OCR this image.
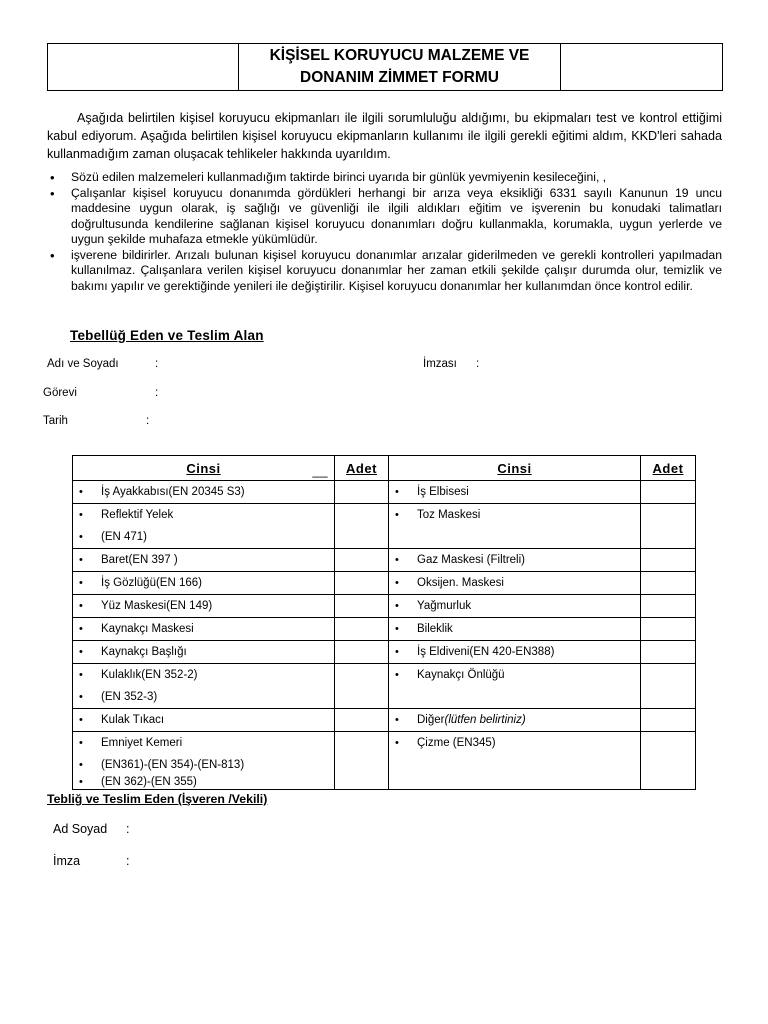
KİŞİSEL KORUYUCU MALZEME VE
DONANIM ZİMMET FORMU

Aşağıda belirtilen kişisel koruyucu ekipmanları ile ilgili sorumluluğu aldığımı, bu ekipmaları test ve kontrol ettiğimi kabul ediyorum. Aşağıda belirtilen kişisel koruyucu ekipmanların kullanımı ile ilgili gerekli eğitimi aldım, KKD'leri sahada kullanmadığım zaman oluşacak tehlikeler hakkında uyarıldım.

• Sözü edilen malzemeleri kullanmadığım taktirde birinci uyarıda bir günlük yevmiyenin kesileceğini, ,
• Çalışanlar kişisel koruyucu donanımda gördükleri herhangi bir arıza veya eksikliği 6331 sayılı Kanunun 19 uncu maddesine uygun olarak, iş sağlığı ve güvenliği ile ilgili aldıkları eğitim ve işverenin bu konudaki talimatları doğrultusunda kendilerine sağlanan kişisel koruyucu donanımları doğru kullanmakla, korumakla, uygun yerlerde ve uygun şekilde muhafaza etmekle yükümlüdür.
• işverene bildirirler. Arızalı bulunan kişisel koruyucu donanımlar arızalar giderilmeden ve gerekli kontrolleri yapılmadan kullanılmaz. Çalışanlara verilen kişisel koruyucu donanımlar her zaman etkili şekilde çalışır durumda olur, temizlik ve bakımı yapılır ve gerektiğinde yenileri ile değiştirilir. Kişisel koruyucu donanımlar her kullanımdan önce kontrol edilir.
Tebellüğ Eden ve Teslim Alan
Adı ve Soyadı	:	İmzası :
Görevi	:
Tarih	:
Cinsi __	Adet	Cinsi	Adet

• İş Ayakkabısı(EN 20345 S3)		• İş Elbisesi

• Reflektif Yelek
• (EN 471)		• Toz Maskesi

• Baret(EN 397 )		• Gaz Maskesi (Filtreli)

• İş Gözlüğü(EN 166)		• Oksijen. Maskesi

• Yüz Maskesi(EN 149)		• Yağmurluk

• Kaynakçı Maskesi		• Bileklik

• Kaynakçı Başlığı		• İş Eldiveni(EN 420-EN388)

• Kulaklık(EN 352-2)
• (EN 352-3)		• Kaynakçı Önlüğü

• Kulak Tıkacı		• Diğer(lütfen belirtiniz)

• Emniyet Kemeri
• (EN361)-(EN 354)-(EN-813)
• (EN 362)-(EN 355)		• Çizme (EN345)

Tebliğ ve Teslim Eden (İşveren /Vekili)
Ad Soyad :
İmza	:
